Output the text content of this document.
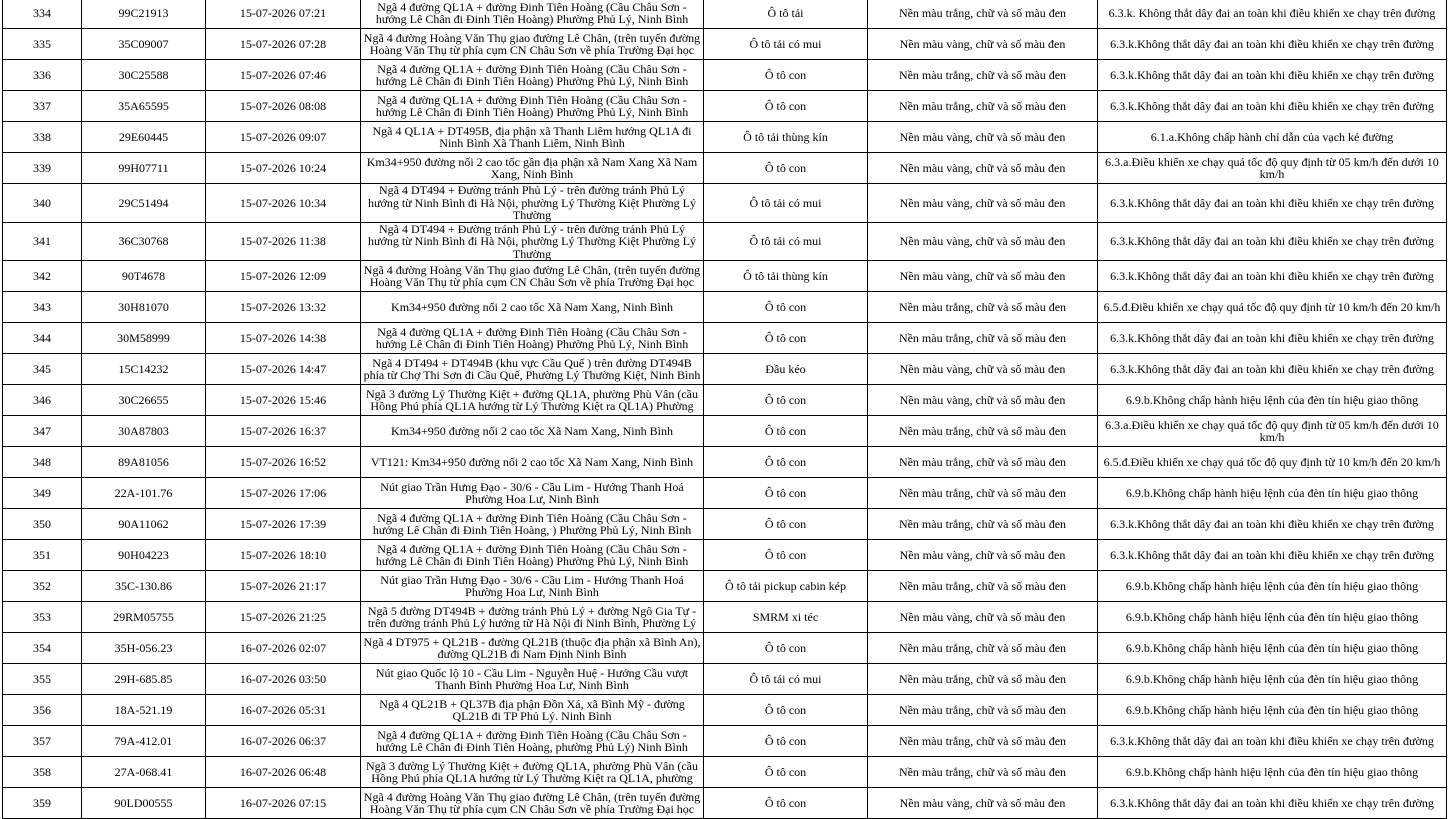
334	99C21913	15-07-2026 07:21	Ngã 4 đường QL1A + đường Đinh Tiên Hoàng (Cầu Châu Sơn - hướng Lê Chân đi Đinh Tiên Hoàng) Phường Phủ Lý, Ninh Bình	Ô tô tải	Nền màu trắng, chữ và số màu đen	6.3.k. Không thắt dây đai an toàn khi điều khiển xe chạy trên đường
335	35C09007	15-07-2026 07:28	Ngã 4 đường Hoàng Văn Thụ giao đường Lê Chân, (trên tuyến đường Hoàng Văn Thụ từ phía cụm CN Châu Sơn về phía Trường Đại học	Ô tô tải có mui	Nền màu vàng, chữ và số màu đen	6.3.k.Không thắt dây đai an toàn khi điều khiển xe chạy trên đường
336	30C25588	15-07-2026 07:46	Ngã 4 đường QL1A + đường Đinh Tiên Hoàng (Cầu Châu Sơn - hướng Lê Chân đi Đinh Tiên Hoàng) Phường Phủ Lý, Ninh Bình	Ô tô con	Nền màu trắng, chữ và số màu đen	6.3.k.Không thắt dây đai an toàn khi điều khiển xe chạy trên đường
337	35A65595	15-07-2026 08:08	Ngã 4 đường QL1A + đường Đinh Tiên Hoàng (Cầu Châu Sơn - hướng Lê Chân đi Đinh Tiên Hoàng) Phường Phủ Lý, Ninh Bình	Ô tô con	Nền màu trắng, chữ và số màu đen	6.3.k.Không thắt dây đai an toàn khi điều khiển xe chạy trên đường
338	29E60445	15-07-2026 09:07	Ngã 4 QL1A + DT495B, địa phận xã Thanh Liêm hướng QL1A đi Ninh Bình Xã Thanh Liêm, Ninh Bình	Ô tô tải thùng kín	Nền màu vàng, chữ và số màu đen	6.1.a.Không chấp hành chỉ dẫn của vạch kẻ đường
339	99H07711	15-07-2026 10:24	Km34+950 đường nối 2 cao tốc gần địa phận xã Nam Xang Xã Nam Xang, Ninh Bình	Ô tô con	Nền màu vàng, chữ và số màu đen	6.3.a.Điều khiển xe chạy quá tốc độ quy định từ 05 km/h đến dưới 10 km/h
340	29C51494	15-07-2026 10:34	Ngã 4 DT494 + Đường tránh Phủ Lý - trên đường tránh Phủ Lý hướng từ Ninh Bình đi Hà Nội, phường Lý Thường Kiệt Phường Lý Thường	Ô tô tải có mui	Nền màu vàng, chữ và số màu đen	6.3.k.Không thắt dây đai an toàn khi điều khiển xe chạy trên đường
341	36C30768	15-07-2026 11:38	Ngã 4 DT494 + Đường tránh Phủ Lý - trên đường tránh Phủ Lý hướng từ Ninh Bình đi Hà Nội, phường Lý Thường Kiệt Phường Lý Thường	Ô tô tải có mui	Nền màu vàng, chữ và số màu đen	6.3.k.Không thắt dây đai an toàn khi điều khiển xe chạy trên đường
342	90T4678	15-07-2026 12:09	Ngã 4 đường Hoàng Văn Thụ giao đường Lê Chân, (trên tuyến đường Hoàng Văn Thụ từ phía cụm CN Châu Sơn về phía Trường Đại học	Ô tô tải thùng kín	Nền màu vàng, chữ và số màu đen	6.3.k.Không thắt dây đai an toàn khi điều khiển xe chạy trên đường
343	30H81070	15-07-2026 13:32	Km34+950 đường nối 2 cao tốc Xã Nam Xang, Ninh Bình	Ô tô con	Nền màu trắng, chữ và số màu đen	6.5.đ.Điều khiển xe chạy quá tốc độ quy định từ 10 km/h đến 20 km/h
344	30M58999	15-07-2026 14:38	Ngã 4 đường QL1A + đường Đinh Tiên Hoàng (Cầu Châu Sơn - hướng Lê Chân đi Đinh Tiên Hoàng) Phường Phủ Lý, Ninh Bình	Ô tô con	Nền màu trắng, chữ và số màu đen	6.3.k.Không thắt dây đai an toàn khi điều khiển xe chạy trên đường
345	15C14232	15-07-2026 14:47	Ngã 4 DT494 + DT494B (khu vực Cầu Quế ) trên đường DT494B phía từ Chợ Thi Sơn đi Cầu Quế, Phường Lý Thường Kiệt, Ninh Bình	Đầu kéo	Nền màu vàng, chữ và số màu đen	6.3.k.Không thắt dây đai an toàn khi điều khiển xe chạy trên đường
346	30C26655	15-07-2026 15:46	Ngã 3 đường Lý Thường Kiệt + đường QL1A, phường Phù Vân (cầu Hồng Phú phía QL1A hướng từ Lý Thường Kiệt ra QL1A) Phường	Ô tô con	Nền màu vàng, chữ và số màu đen	6.9.b.Không chấp hành hiệu lệnh của đèn tín hiệu giao thông
347	30A87803	15-07-2026 16:37	Km34+950 đường nối 2 cao tốc Xã Nam Xang, Ninh Bình	Ô tô con	Nền màu trắng, chữ và số màu đen	6.3.a.Điều khiển xe chạy quá tốc độ quy định từ 05 km/h đến dưới 10 km/h
348	89A81056	15-07-2026 16:52	VT121: Km34+950 đường nối 2 cao tốc Xã Nam Xang, Ninh Bình	Ô tô con	Nền màu trắng, chữ và số màu đen	6.5.đ.Điều khiển xe chạy quá tốc độ quy định từ 10 km/h đến 20 km/h
349	22A-101.76	15-07-2026 17:06	Nút giao Trần Hưng Đạo - 30/6 - Cầu Lim - Hướng Thanh Hoá Phường Hoa Lư, Ninh Bình	Ô tô con	Nền màu trắng, chữ và số màu đen	6.9.b.Không chấp hành hiệu lệnh của đèn tín hiệu giao thông
350	90A11062	15-07-2026 17:39	Ngã 4 đường QL1A + đường Đinh Tiên Hoàng (Cầu Châu Sơn - hướng Lê Chân đi Đinh Tiên Hoàng, ) Phường Phủ Lý, Ninh Bình	Ô tô con	Nền màu trắng, chữ và số màu đen	6.3.k.Không thắt dây đai an toàn khi điều khiển xe chạy trên đường
351	90H04223	15-07-2026 18:10	Ngã 4 đường QL1A + đường Đinh Tiên Hoàng (Cầu Châu Sơn - hướng Lê Chân đi Đinh Tiên Hoàng) Phường Phủ Lý, Ninh Bình	Ô tô con	Nền màu vàng, chữ và số màu đen	6.3.k.Không thắt dây đai an toàn khi điều khiển xe chạy trên đường
352	35C-130.86	15-07-2026 21:17	Nút giao Trần Hưng Đạo - 30/6 - Cầu Lim - Hướng Thanh Hoá Phường Hoa Lư, Ninh Bình	Ô tô tải pickup cabin kép	Nền màu trắng, chữ và số màu đen	6.9.b.Không chấp hành hiệu lệnh của đèn tín hiệu giao thông
353	29RM05755	15-07-2026 21:25	Ngã 5 đường DT494B + đường tránh Phủ Lý + đường Ngô Gia Tự - trên đường tránh Phủ Lý hướng từ Hà Nội đi Ninh Bình, Phường Lý	SMRM xi téc	Nền màu vàng, chữ và số màu đen	6.9.b.Không chấp hành hiệu lệnh của đèn tín hiệu giao thông
354	35H-056.23	16-07-2026 02:07	Ngã 4 DT975 + QL21B - đường QL21B (thuộc địa phận xã Bình An), đường QL21B đi Nam Định Ninh Bình	Ô tô con	Nền màu trắng, chữ và số màu đen	6.9.b.Không chấp hành hiệu lệnh của đèn tín hiệu giao thông
355	29H-685.85	16-07-2026 03:50	Nút giao Quốc lộ 10 - Cầu Lim - Nguyễn Huệ - Hướng Cầu vượt Thanh Bình Phường Hoa Lư, Ninh Bình	Ô tô tải có mui	Nền màu trắng, chữ và số màu đen	6.9.b.Không chấp hành hiệu lệnh của đèn tín hiệu giao thông
356	18A-521.19	16-07-2026 05:31	Ngã 4 QL21B + QL37B địa phận Đồn Xá, xã Bình Mỹ - đường QL21B đi TP Phủ Lý. Ninh Bình	Ô tô con	Nền màu trắng, chữ và số màu đen	6.9.b.Không chấp hành hiệu lệnh của đèn tín hiệu giao thông
357	79A-412.01	16-07-2026 06:37	Ngã 4 đường QL1A + đường Đinh Tiên Hoàng (Cầu Châu Sơn - hướng Lê Chân đi Đinh Tiên Hoàng, phường Phủ Lý) Ninh Bình	Ô tô con	Nền màu trắng, chữ và số màu đen	6.3.k.Không thắt dây đai an toàn khi điều khiển xe chạy trên đường
358	27A-068.41	16-07-2026 06:48	Ngã 3 đường Lý Thường Kiệt + đường QL1A, phường Phù Vân (cầu Hồng Phú phía QL1A hướng từ Lý Thường Kiệt ra QL1A, phường	Ô tô con	Nền màu trắng, chữ và số màu đen	6.9.b.Không chấp hành hiệu lệnh của đèn tín hiệu giao thông
359	90LD00555	16-07-2026 07:15	Ngã 4 đường Hoàng Văn Thụ giao đường Lê Chân, (trên tuyến đường Hoàng Văn Thụ từ phía cụm CN Châu Sơn về phía Trường Đại học	Ô tô con	Nền màu vàng, chữ và số màu đen	6.3.k.Không thắt dây đai an toàn khi điều khiển xe chạy trên đường
